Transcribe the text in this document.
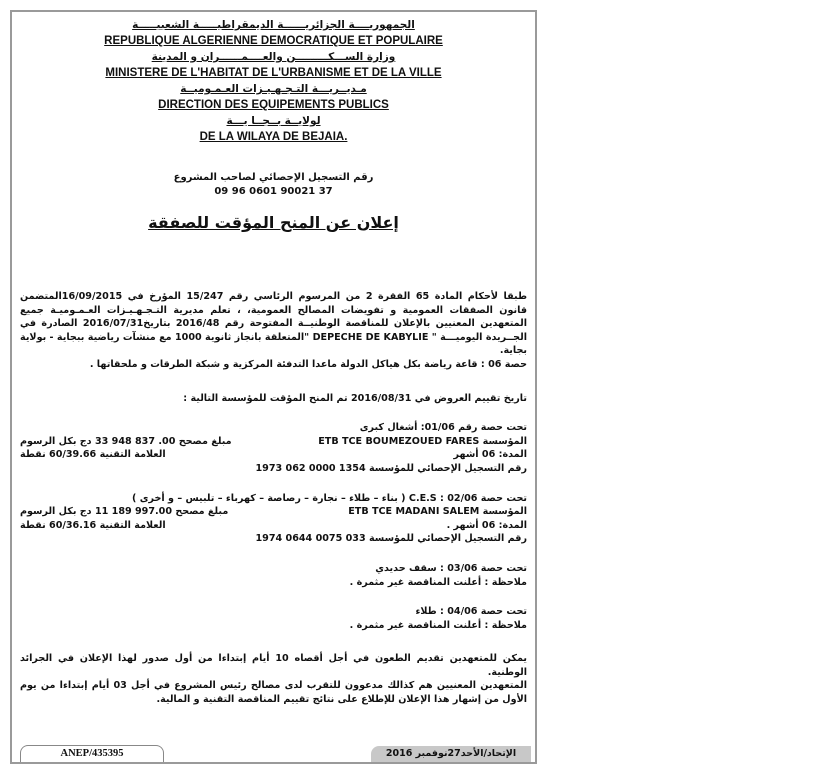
الجمهوريــــة الجزائريــــــة الديمقراطيـــــة الشعبيـــــة

REPUBLIQUE ALGERIENNE DEMOCRATIQUE ET POPULAIRE

وزارة الســـكـــــــــن والعــــمــــــران و المدينة

MINISTERE DE L'HABITAT DE L'URBANISME ET DE LA VILLE

مـديــريـــة التـجـهـيـزات العـمـوميــة

DIRECTION DES EQUIPEMENTS PUBLICS

لولايــة بــجــا يـــة

DE LA WILAYA DE BEJAIA.

رقم التسجيل الإحصائي لصاحب المشروع
09 96 0601 90021 37
إعلان عن المنح المؤقت للصفقة
طبقا لأحكام المادة 65 الفقرة 2 من المرسوم الرئاسي رقم 15/247 المؤرخ في 16/09/2015المتضمن قانون الصفقات العمومية و تفويضات المصالح العمومية، ، تعلم مديرية التـجـهـيـزات العـمـوميـة جميع المتعهدين المعنيين بالإعلان للمناقصة الوطنيــة المفتوحة رقم 2016/48 بتاريخ2016/07/31 الصادرة في الجــريدة اليوميـــة " DEPECHE DE KABYLIE "المتعلقة بانجاز ثانوية 1000 مع منشآت رياضية ببجاية - بولاية بجاية.
حصة 06 : قاعة رياضة بكل هياكل الدولة ماعدا التدفئة المركزية و شبكة الطرقات و ملحقاتها .
تاريخ تقييم العروض في 2016/08/31 تم المنح المؤقت للمؤسسة التالية :
تحت حصة رقم 01/06: أشغال كبرى
المؤسسة ETB TCE BOUMEZOUED FARES
مبلغ مصحح 33 948 837 .00 دج بكل الرسوم
المدة: 06 أشهر
العلامة التقنية 60/39.66 نقطة
رقم التسجيل الإحصائي للمؤسسة 1973 062 0000 1354
تحت حصة 02/06 : C.E.S ( بناء – طلاء – نجارة – رصاصة – كهرباء – تلبيس – و أخرى )
المؤسسة ETB TCE MADANI SALEM
مبلغ مصحح 11 189 997.00 دج بكل الرسوم
المدة: 06 أشهر .
العلامة التقنية 60/36.16 نقطة
رقم التسجيل الإحصائي للمؤسسة 1974 0644 0075 033
تحت حصة 03/06 : سقف حديدي
ملاحظة : أعلنت المناقصة غير مثمرة .
تحت حصة 04/06 : طلاء
ملاحظة : أعلنت المناقصة غير مثمرة .
يمكن للمتعهدين تقديم الطعون في أجل أقصاه 10 أيام إبتداءا من أول صدور لهذا الإعلان في الجرائد الوطنية.
المتعهدين المعنيين هم كذالك مدعوون للتقرب لدى مصالح رئيس المشروع في أجل 03 أيام إبتداءا من يوم الأول من إشهار هذا الإعلان للإطلاع على نتائج تقييم المناقصة التقنية و المالية.
ANEP/435395	الإتحاد/الأحد27نوفمبر 2016
